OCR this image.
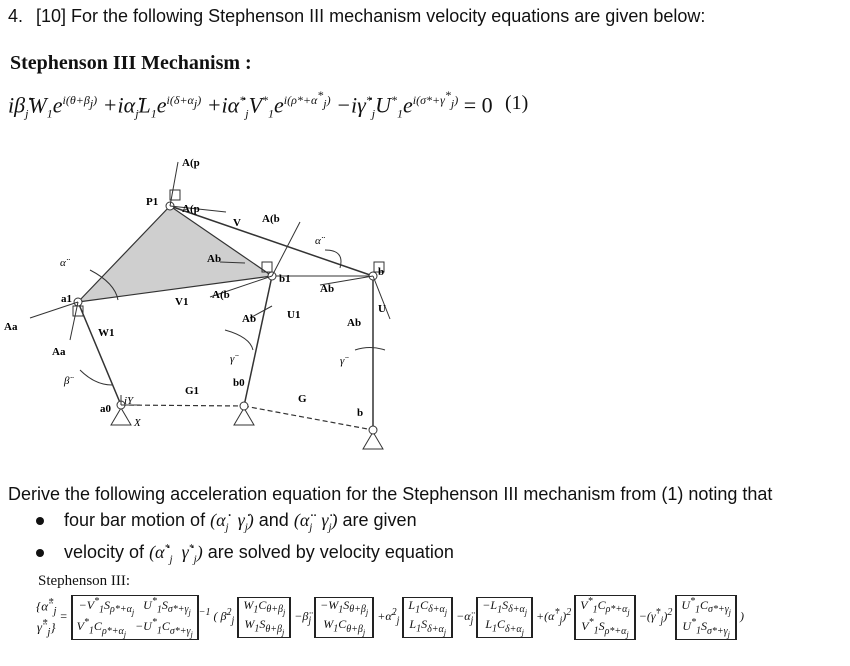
4. [10] For the following Stephenson III mechanism velocity equations are given below:
Stephenson III Mechanism :
$i\betȧ_jW_1e^{i(\theta+\beta_j)}$ $+i\alphȧ_jL_1e^{i(\delta+\alpha_j)}$ $+i\alphȧ^*_jV^*_1e^{i(\rho*+\alpha^*_j)}$ $-i\gammȧ^*_jU^*_1e^{i(\sigma*+\gamma^*_j)} = 0$ (1)
A(p
A(p
V A(b
α̈
α̈
P1
Ab
b1
Ab
b
a1	V1
A(b
U1	U
Aa	W1
Ab	Ab
Aa
γ̈	γ̈
β̈	b0
G1
G
iY
a0
X
b
Derive the following acceleration equation for the Stephenson III mechanism from (1) noting that
four bar motion of ($\alphȧ_j$  $\gammȧ_j$) and ($\alphä_j$  $\gammä_j$) are given
velocity of ($\alphȧ^*_j$  $\gammȧ^*_j$) are solved by velocity equation
Stephenson III:
{$\alphä^*_j$
$\gammä^*_j\} = -V^*_1S_{\rho*+\alpha_j}$   $U^*_1S_{\sigma*+\gamma_j}$
$V^*_1C_{\rho*+\alpha_j} -U^*_1C_{\sigma*+\gamma_j}^{-1}$ ( β̇$^2_j$ $W_1C_{\theta+\beta_j}$
$W_1S_{\theta+\beta_j}$ $-\betä_j -W_1S_{\theta+\beta_j}$
$W_1C_{\theta+\beta_j}$ +α̇$^2_j$ $L_1C_{\delta+\alpha_j}$
$L_1S_{\delta+\alpha_j}$ $-\alphä_j -L_1S_{\delta+\alpha_j}$
$L_1C_{\delta+\alpha_j}$ $+(\alphȧ^*_j)^2$ $V^*_1C_{\rho*+\alpha_j}$
$V^*_1S_{\rho*+\alpha_j}$ $-(\gammȧ^*_j)^2$ $U^*_1C_{\sigma*+\gamma_j}$
$U^*_1S_{\sigma*+\gamma_j}$ )
